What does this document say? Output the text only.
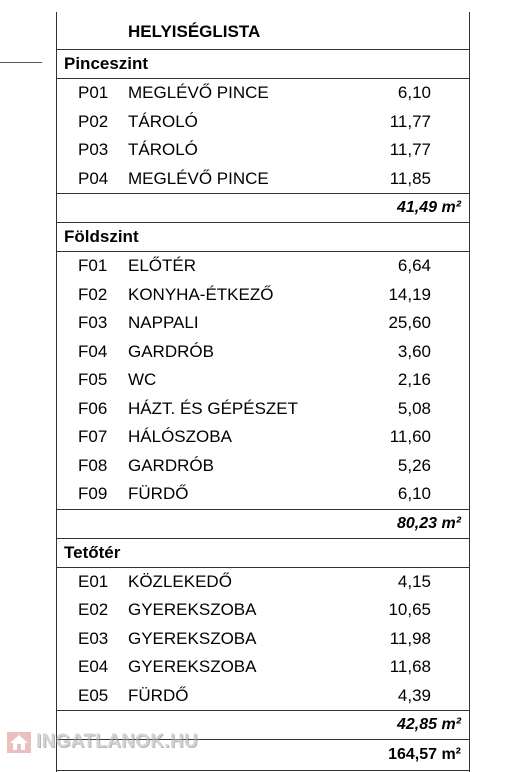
HELYISÉGLISTA
Pinceszint
P01 MEGLÉVŐ PINCE	6,10
P02 TÁROLÓ	11,77
P03 TÁROLÓ	11,77
P04 MEGLÉVŐ PINCE	11,85
41,49 m²
Földszint
F01 ELŐTÉR	6,64
F02 KONYHA-ÉTKEZŐ	14,19
F03 NAPPALI	25,60
F04 GARDRÓB	3,60
F05 WC	2,16
F06 HÁZT. ÉS GÉPÉSZET	5,08
F07 HÁLÓSZOBA	11,60
F08 GARDRÓB	5,26
F09 FÜRDŐ	6,10
80,23 m²
Tetőtér
E01 KÖZLEKEDŐ	4,15
E02 GYEREKSZOBA	10,65
E03 GYEREKSZOBA	11,98
E04 GYEREKSZOBA	11,68
E05 FÜRDŐ	4,39
42,85 m²
164,57 m²
INGATLANOK.HU
